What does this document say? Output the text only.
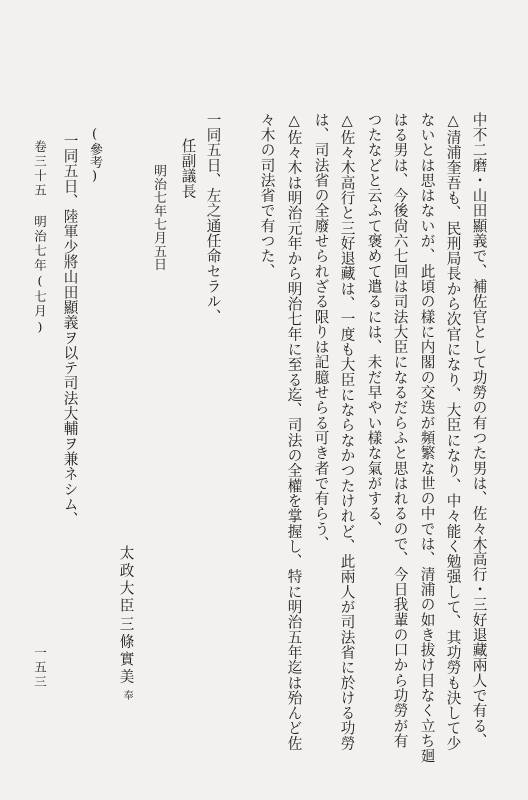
中不二磨・山田顯義で、補佐官として功勞の有つた男は、佐々木高行・三好退藏兩人で有る、
△清浦奎吾も、民刑局長から次官になり、大臣になり、中々能く勉强して、其功勞も決して少
ないとは思はないが、此頃の樣に内閣の交迭が頻繁な世の中では、清浦の如き拔け目なく立ち廻
はる男は、今後尙六七回は司法大臣になるだらふと思はれるので、今日我輩の口から功勞が有
つたなどと云ふて褒めて遣るには、未だ早やい樣な氣がする、
△佐々木高行と三好退藏は、一度も大臣にならなかつたけれど、此兩人が司法省に於ける功勞
は、司法省の全廢せられざる限りは記臆せらる可き者で有らう、
△佐々木は明治元年から明治七年に至る迄、司法の全權を掌握し、特に明治五年迄は殆んど佐
々木の司法省で有つた、
一同五日、左之通任命セラル、
任副議長
明治七年七月五日
太政大臣
三條實美
奉
(參考)
一同五日、陸軍少將山田顯義ヲ以テ司法大輔ヲ兼ネシム、
卷三十五 明治七年(七月)
一五三
